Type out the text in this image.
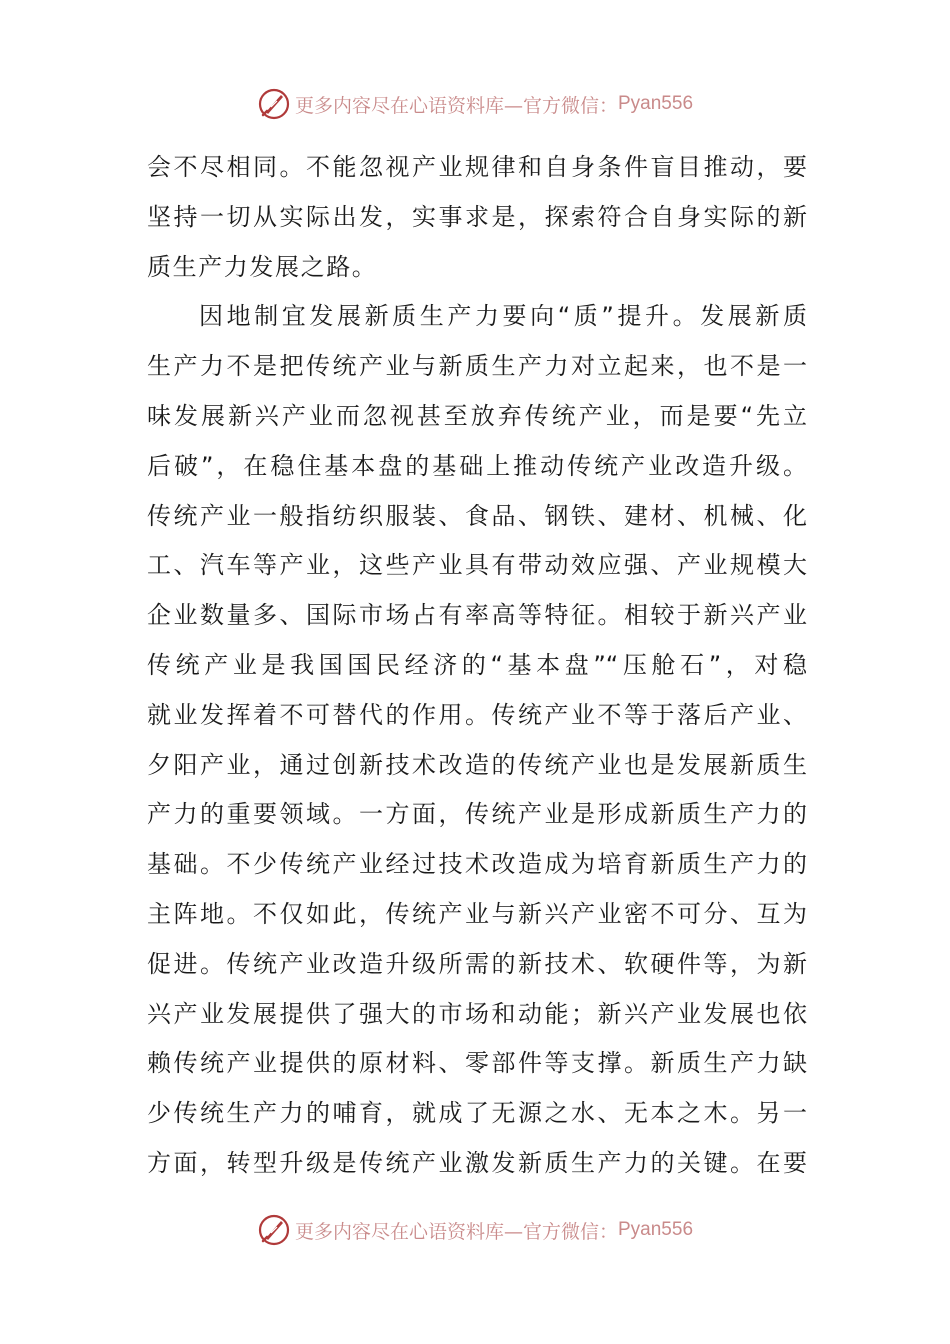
更多内容尽在心语资料库—官方微信： Pyan556
会不尽相同。不能忽视产业规律和自身条件盲目推动，要
坚持一切从实际出发，实事求是，探索符合自身实际的新
质生产力发展之路。
因地制宜发展新质生产力要向“质”提升。发展新质
生产力不是把传统产业与新质生产力对立起来，也不是一
味发展新兴产业而忽视甚至放弃传统产业，而是要“先立
后破”，在稳住基本盘的基础上推动传统产业改造升级。
传统产业一般指纺织服装、食品、钢铁、建材、机械、化
工、汽车等产业，这些产业具有带动效应强、产业规模大
企业数量多、国际市场占有率高等特征。相较于新兴产业
传统产业是我国国民经济的“基本盘”“压舱石”，对稳
就业发挥着不可替代的作用。传统产业不等于落后产业、
夕阳产业，通过创新技术改造的传统产业也是发展新质生
产力的重要领域。一方面，传统产业是形成新质生产力的
基础。不少传统产业经过技术改造成为培育新质生产力的
主阵地。不仅如此，传统产业与新兴产业密不可分、互为
促进。传统产业改造升级所需的新技术、软硬件等，为新
兴产业发展提供了强大的市场和动能；新兴产业发展也依
赖传统产业提供的原材料、零部件等支撑。新质生产力缺
少传统生产力的哺育，就成了无源之水、无本之木。另一
方面，转型升级是传统产业激发新质生产力的关键。在要
更多内容尽在心语资料库—官方微信： Pyan556
